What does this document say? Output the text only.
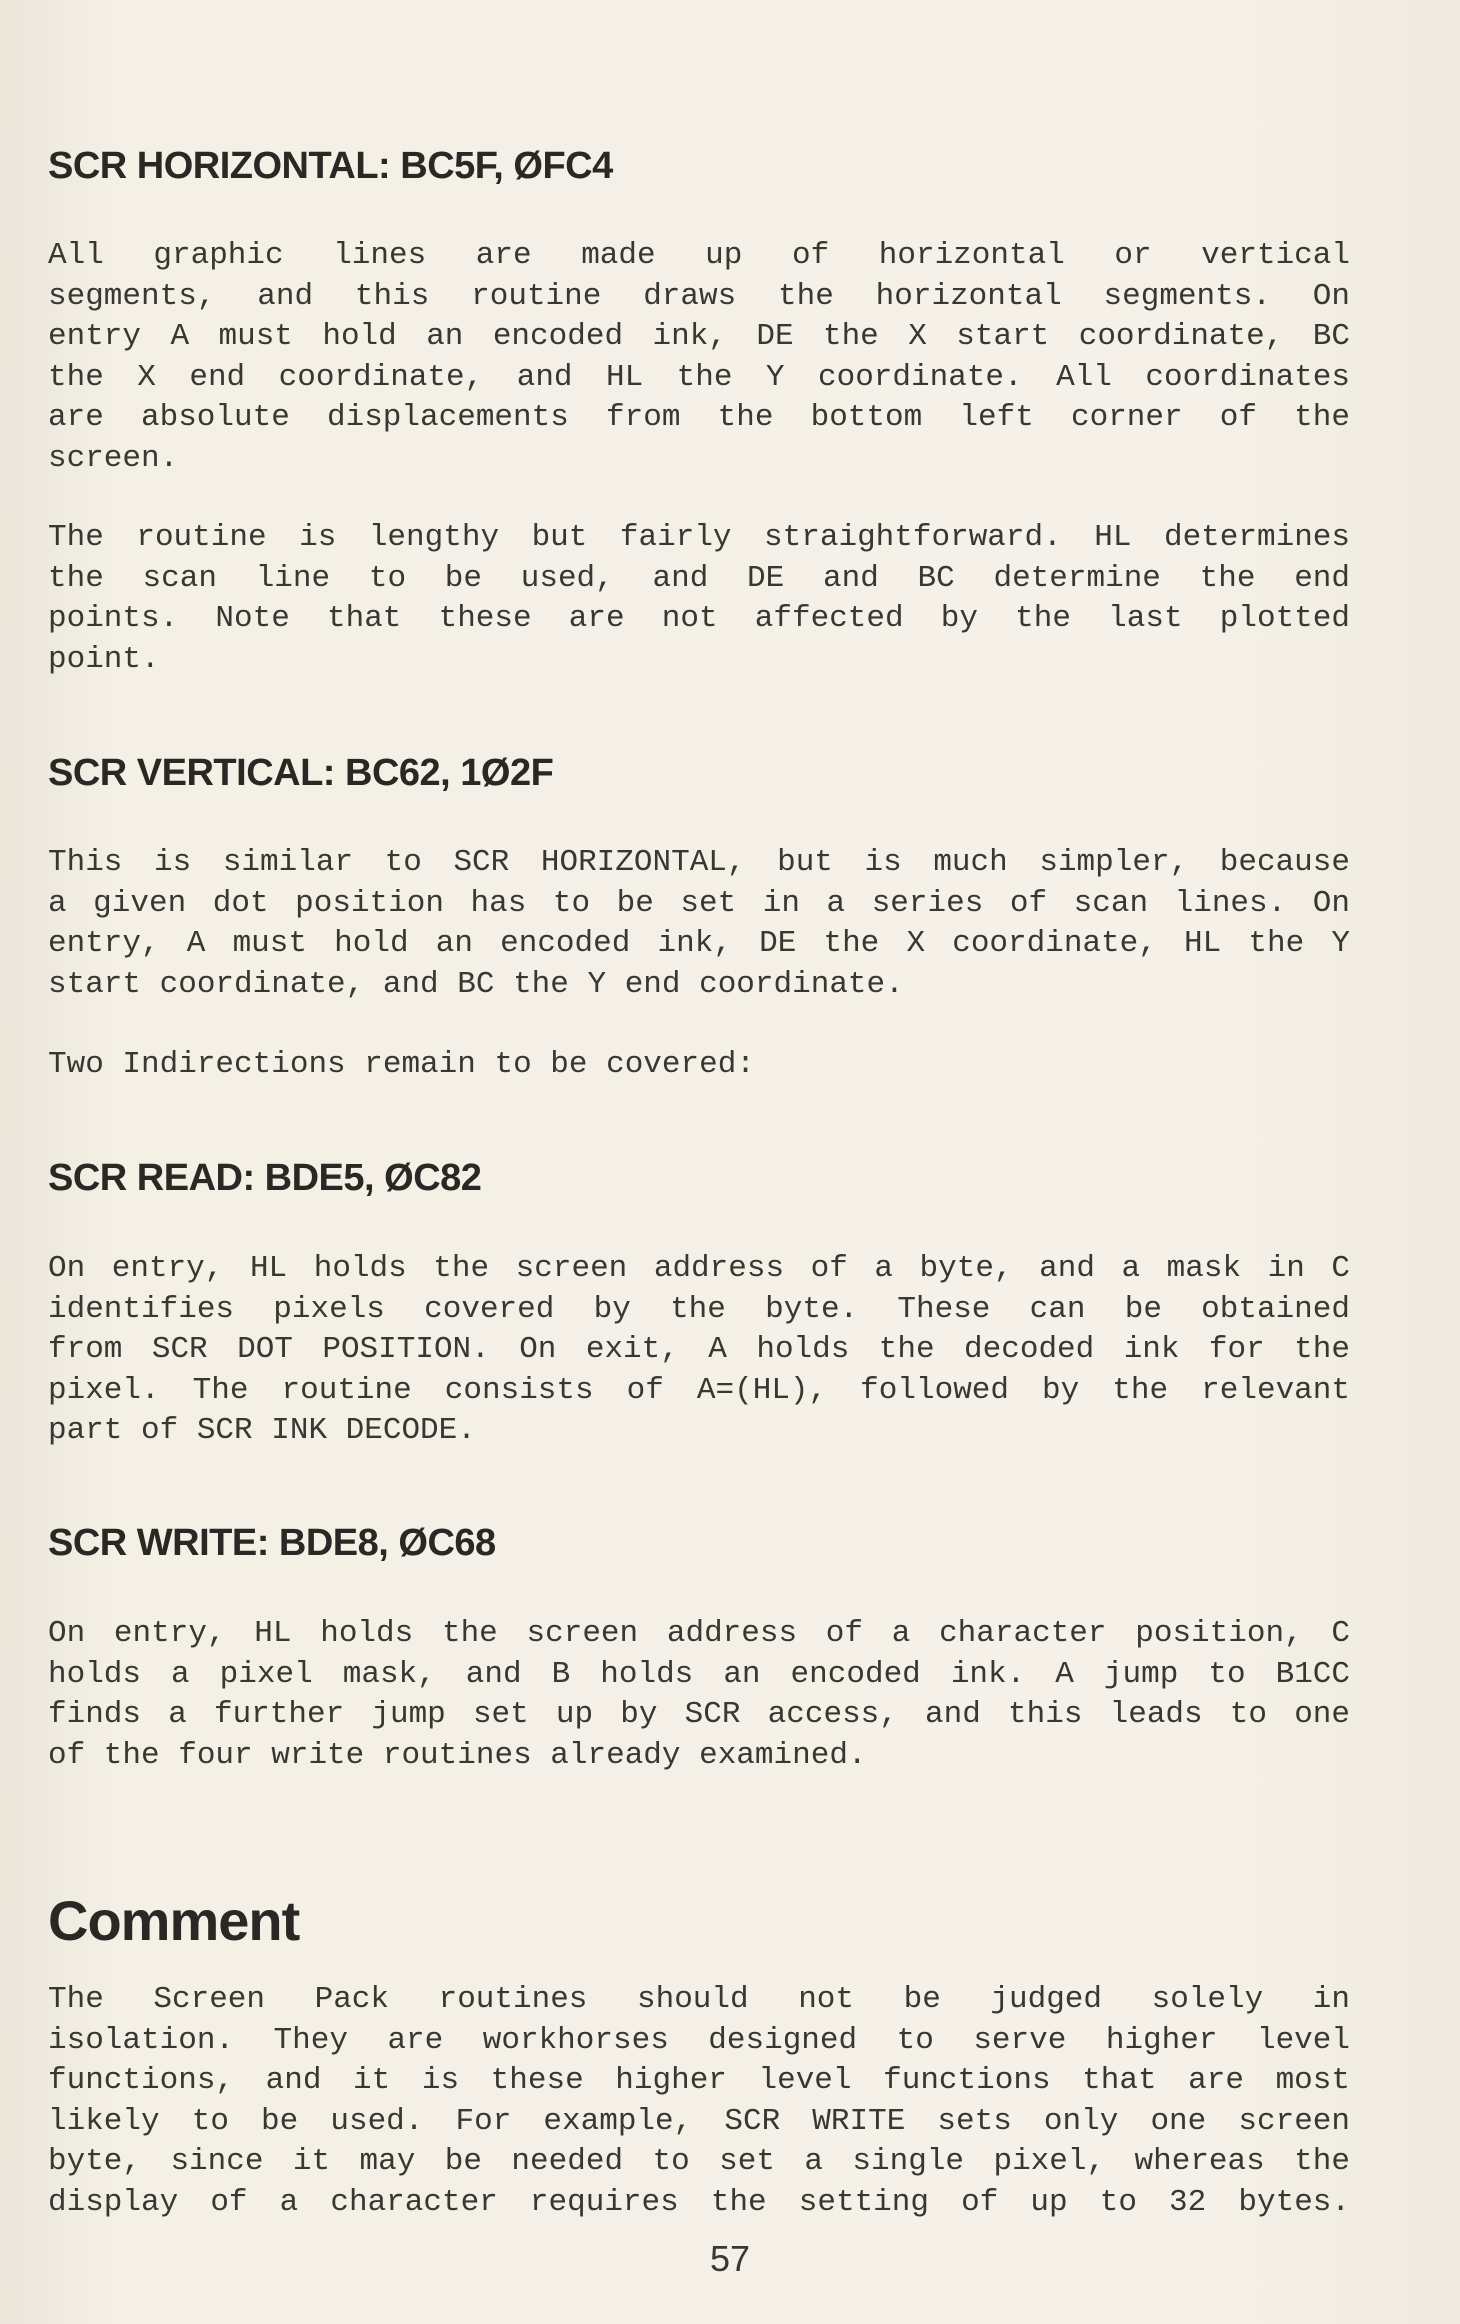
SCR HORIZONTAL: BC5F, ØFC4
All graphic lines are made up of horizontal or vertical
segments, and this routine draws the horizontal segments. On
entry A must hold an encoded ink, DE the X start coordinate, BC
the X end coordinate, and HL the Y coordinate. All coordinates
are absolute displacements from the bottom left corner of the
screen.
The routine is lengthy but fairly straightforward. HL determines
the scan line to be used, and DE and BC determine the end
points. Note that these are not affected by the last plotted
point.
SCR VERTICAL: BC62, 1Ø2F
This is similar to SCR HORIZONTAL, but is much simpler, because
a given dot position has to be set in a series of scan lines. On
entry, A must hold an encoded ink, DE the X coordinate, HL the Y
start coordinate, and BC the Y end coordinate.
Two Indirections remain to be covered:
SCR READ: BDE5, ØC82
On entry, HL holds the screen address of a byte, and a mask in C
identifies pixels covered by the byte. These can be obtained
from SCR DOT POSITION. On exit, A holds the decoded ink for the
pixel. The routine consists of A=(HL), followed by the relevant
part of SCR INK DECODE.
SCR WRITE: BDE8, ØC68
On entry, HL holds the screen address of a character position, C
holds a pixel mask, and B holds an encoded ink. A jump to B1CC
finds a further jump set up by SCR access, and this leads to one
of the four write routines already examined.
Comment
The Screen Pack routines should not be judged solely in
isolation. They are workhorses designed to serve higher level
functions, and it is these higher level functions that are most
likely to be used. For example, SCR WRITE sets only one screen
byte, since it may be needed to set a single pixel, whereas the
display of a character requires the setting of up to 32 bytes.
57
